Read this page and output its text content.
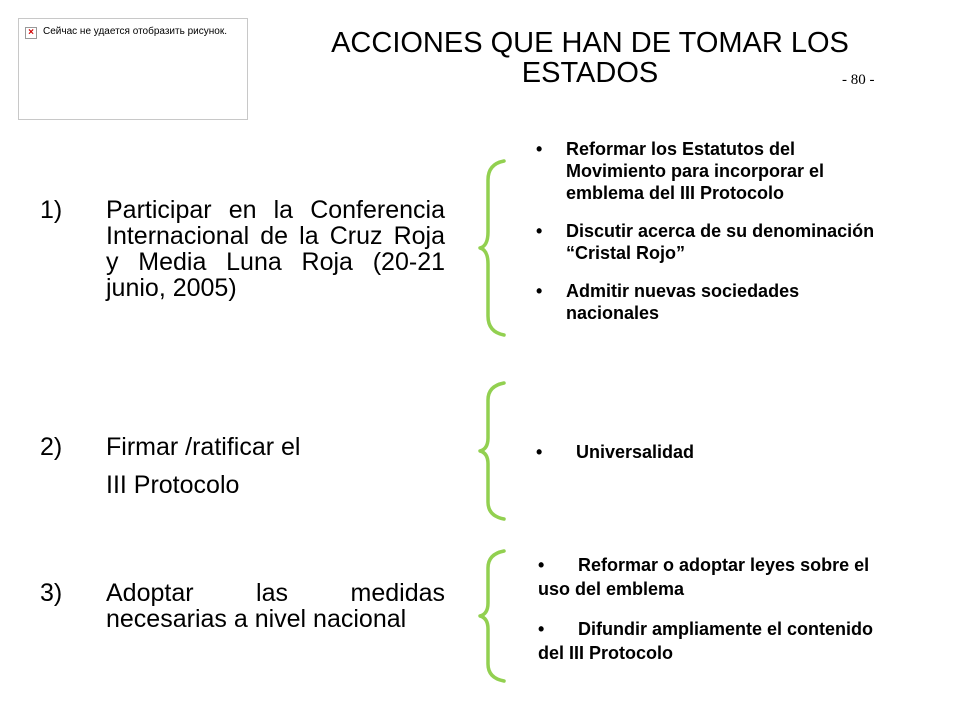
× Сейчас не удается отобразить рисунок.	ACCIONES QUE HAN DE TOMAR LOS ESTADOS	- 80 -
1) Participar en la Conferencia Internacional de la Cruz Roja y Media Luna Roja (20-21 junio, 2005)
2) Firmar /ratificar el
III Protocolo
3) Adoptar las medidas necesarias a nivel nacional
• Reformar los Estatutos del Movimiento para incorporar el emblema del III Protocolo
• Discutir acerca de su denominación “Cristal Rojo”
• Admitir nuevas sociedades nacionales
• Universalidad
• Reformar o adoptar leyes sobre el uso del emblema
• Difundir ampliamente el contenido del III Protocolo
